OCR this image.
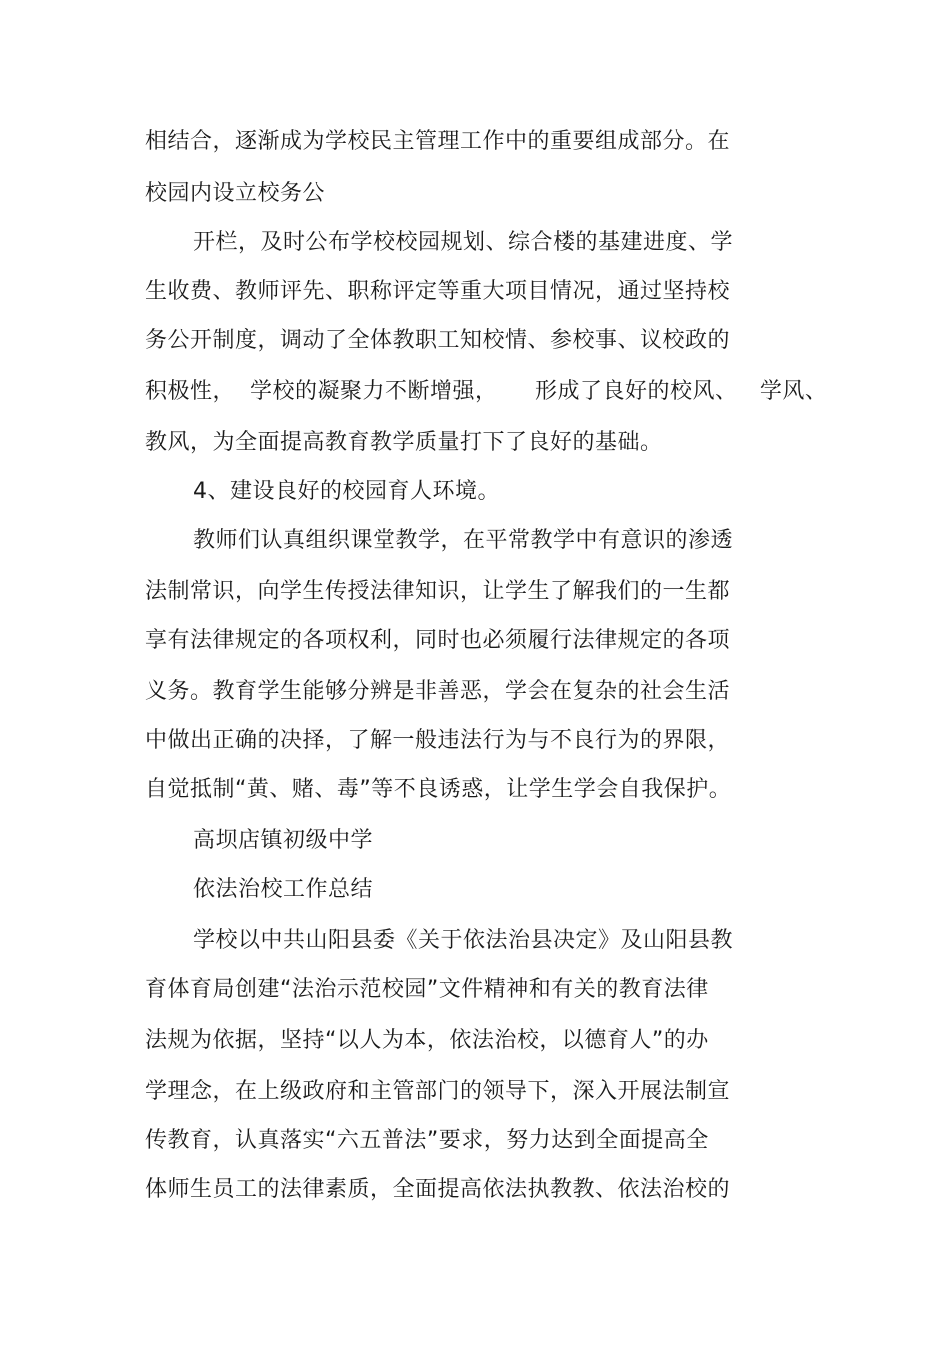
相结合，逐渐成为学校民主管理工作中的重要组成部分。在
校园内设立校务公
开栏，及时公布学校校园规划、综合楼的基建进度、学
生收费、教师评先、职称评定等重大项目情况，通过坚持校
务公开制度，调动了全体教职工知校情、参校事、议校政的
积极性，  学校的凝聚力不断增强，     形成了良好的校风、   学风、
教风，为全面提高教育教学质量打下了良好的基础。
4、建设良好的校园育人环境。
教师们认真组织课堂教学，在平常教学中有意识的渗透
法制常识，向学生传授法律知识，让学生了解我们的一生都
享有法律规定的各项权利，同时也必须履行法律规定的各项
义务。教育学生能够分辨是非善恶，学会在复杂的社会生活
中做出正确的决择，了解一般违法行为与不良行为的界限，
自觉抵制“黄、赌、毒”等不良诱惑，让学生学会自我保护。
高坝店镇初级中学
依法治校工作总结
学校以中共山阳县委《关于依法治县决定》及山阳县教
育体育局创建“法治示范校园”文件精神和有关的教育法律
法规为依据，坚持“以人为本，依法治校，以德育人”的办
学理念，在上级政府和主管部门的领导下，深入开展法制宣
传教育，认真落实“六五普法”要求，努力达到全面提高全
体师生员工的法律素质，全面提高依法执教教、依法治校的
